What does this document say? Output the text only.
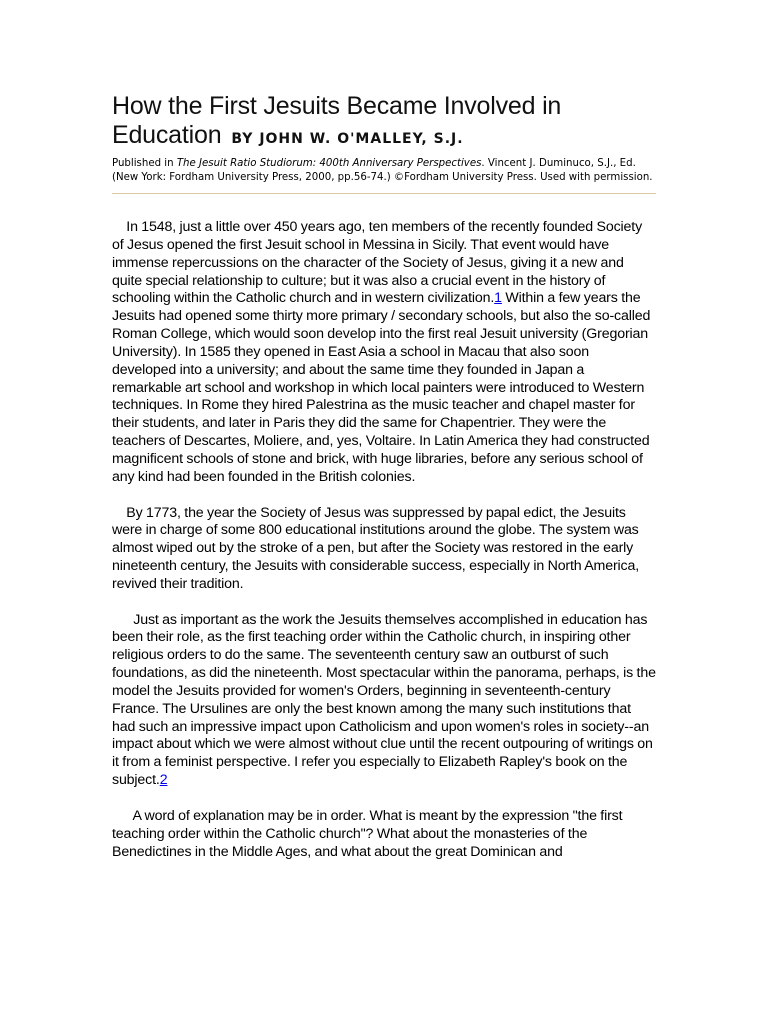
How the First Jesuits Became Involved in Education BY JOHN W. O'MALLEY, S.J.
Published in The Jesuit Ratio Studiorum: 400th Anniversary Perspectives. Vincent J. Duminuco, S.J., Ed. (New York: Fordham University Press, 2000, pp.56-74.) ©Fordham University Press. Used with permission.

In 1548, just a little over 450 years ago, ten members of the recently founded Society of Jesus opened the first Jesuit school in Messina in Sicily. That event would have immense repercussions on the character of the Society of Jesus, giving it a new and quite special relationship to culture; but it was also a crucial event in the history of schooling within the Catholic church and in western civilization.1 Within a few years the Jesuits had opened some thirty more primary / secondary schools, but also the so-called Roman College, which would soon develop into the first real Jesuit university (Gregorian University). In 1585 they opened in East Asia a school in Macau that also soon developed into a university; and about the same time they founded in Japan a remarkable art school and workshop in which local painters were introduced to Western techniques. In Rome they hired Palestrina as the music teacher and chapel master for their students, and later in Paris they did the same for Chapentrier. They were the teachers of Descartes, Moliere, and, yes, Voltaire. In Latin America they had constructed magnificent schools of stone and brick, with huge libraries, before any serious school of any kind had been founded in the British colonies.

By 1773, the year the Society of Jesus was suppressed by papal edict, the Jesuits were in charge of some 800 educational institutions around the globe. The system was almost wiped out by the stroke of a pen, but after the Society was restored in the early nineteenth century, the Jesuits with considerable success, especially in North America, revived their tradition.

Just as important as the work the Jesuits themselves accomplished in education has been their role, as the first teaching order within the Catholic church, in inspiring other religious orders to do the same. The seventeenth century saw an outburst of such foundations, as did the nineteenth. Most spectacular within the panorama, perhaps, is the model the Jesuits provided for women's Orders, beginning in seventeenth-century France. The Ursulines are only the best known among the many such institutions that had such an impressive impact upon Catholicism and upon women's roles in society--an impact about which we were almost without clue until the recent outpouring of writings on it from a feminist perspective. I refer you especially to Elizabeth Rapley's book on the subject.2

A word of explanation may be in order. What is meant by the expression "the first teaching order within the Catholic church"? What about the monasteries of the Benedictines in the Middle Ages, and what about the great Dominican and
